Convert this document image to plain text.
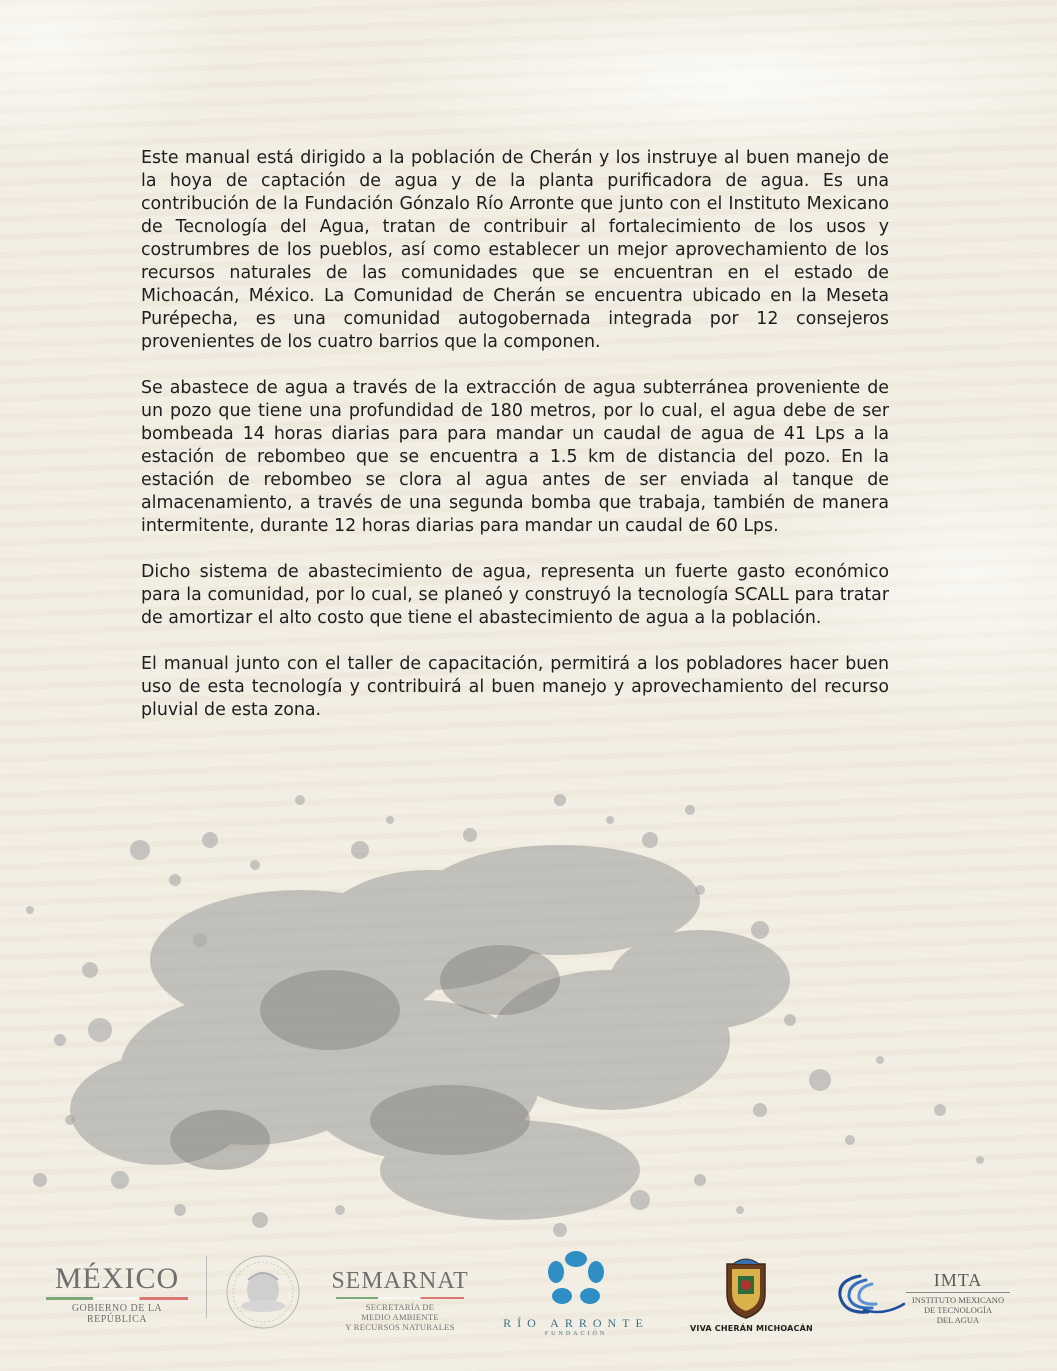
Este manual está dirigido a la población de Cherán y los instruye al buen manejo de la hoya de captación de agua y de la planta purificadora de agua. Es una contribución de la Fundación Gónzalo Río Arronte que junto con el Instituto Mexicano de Tecnología del Agua, tratan de contribuir al fortalecimiento de los usos y costrumbres de los pueblos, así como establecer un mejor aprovechamiento de los recursos naturales de las comunidades que se encuentran en el estado de Michoacán, México. La Comunidad de Cherán se encuentra ubicado en la Meseta Purépecha, es una comunidad autogobernada integrada por 12 consejeros provenientes de los cuatro barrios que la componen.

Se abastece de agua a través de la extracción de agua subterránea proveniente de un pozo que tiene una profundidad de 180 metros, por lo cual, el agua debe de ser bombeada 14 horas diarias para para mandar un caudal de agua de 41 Lps a la estación de rebombeo que se encuentra a 1.5 km de distancia del pozo. En la estación de rebombeo se clora al agua antes de ser enviada al tanque de almacenamiento, a través de una segunda bomba que trabaja, también de manera intermitente, durante 12 horas diarias para mandar un caudal de 60 Lps.

Dicho sistema de abastecimiento de agua, representa un fuerte gasto económico para la comunidad, por lo cual, se planeó y construyó la tecnología SCALL para tratar de amortizar el alto costo que tiene el abastecimiento de agua a la población.

El manual junto con el taller de capacitación, permitirá a los pobladores hacer buen uso de esta tecnología y contribuirá al buen manejo y aprovechamiento del recurso pluvial de esta zona.

MÉXICO
GOBIERNO DE LA REPÚBLICA
SEMARNAT
SECRETARÍA DE
MEDIO AMBIENTE
Y RECURSOS NATURALES	RÍO ARRONTE
FUNDACIÓN
VIVA CHERÁN MICHOACÁN
IMTA
INSTITUTO MEXICANO
DE TECNOLOGÍA
DEL AGUA
